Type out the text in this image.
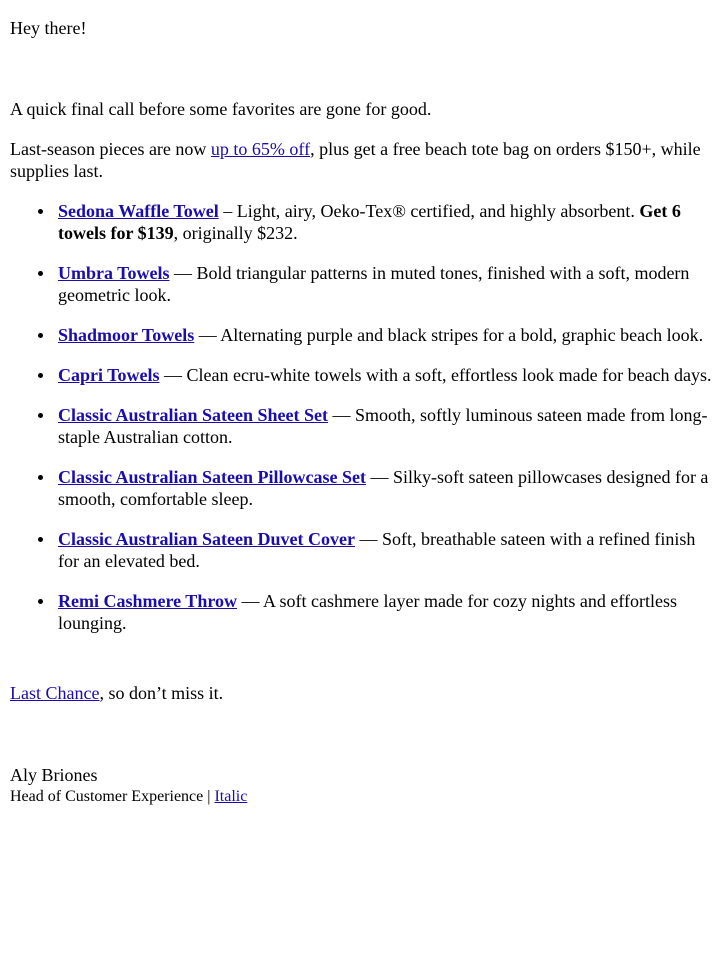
Hey there!

A quick final call before some favorites are gone for good.

Last-season pieces are now up to 65% off, plus get a free beach tote bag on orders $150+, while supplies last.

Sedona Waffle Towel – Light, airy, Oeko-Tex® certified, and highly absorbent. Get 6 towels for $139, originally $232.
Umbra Towels — Bold triangular patterns in muted tones, finished with a soft, modern geometric look.
Shadmoor Towels — Alternating purple and black stripes for a bold, graphic beach look.
Capri Towels — Clean ecru-white towels with a soft, effortless look made for beach days.
Classic Australian Sateen Sheet Set — Smooth, softly luminous sateen made from long-staple Australian cotton.
Classic Australian Sateen Pillowcase Set — Silky-soft sateen pillowcases designed for a smooth, comfortable sleep.
Classic Australian Sateen Duvet Cover — Soft, breathable sateen with a refined finish for an elevated bed.
Remi Cashmere Throw — A soft cashmere layer made for cozy nights and effortless lounging.

Last Chance, so don’t miss it.

Aly Briones
Head of Customer Experience | Italic
